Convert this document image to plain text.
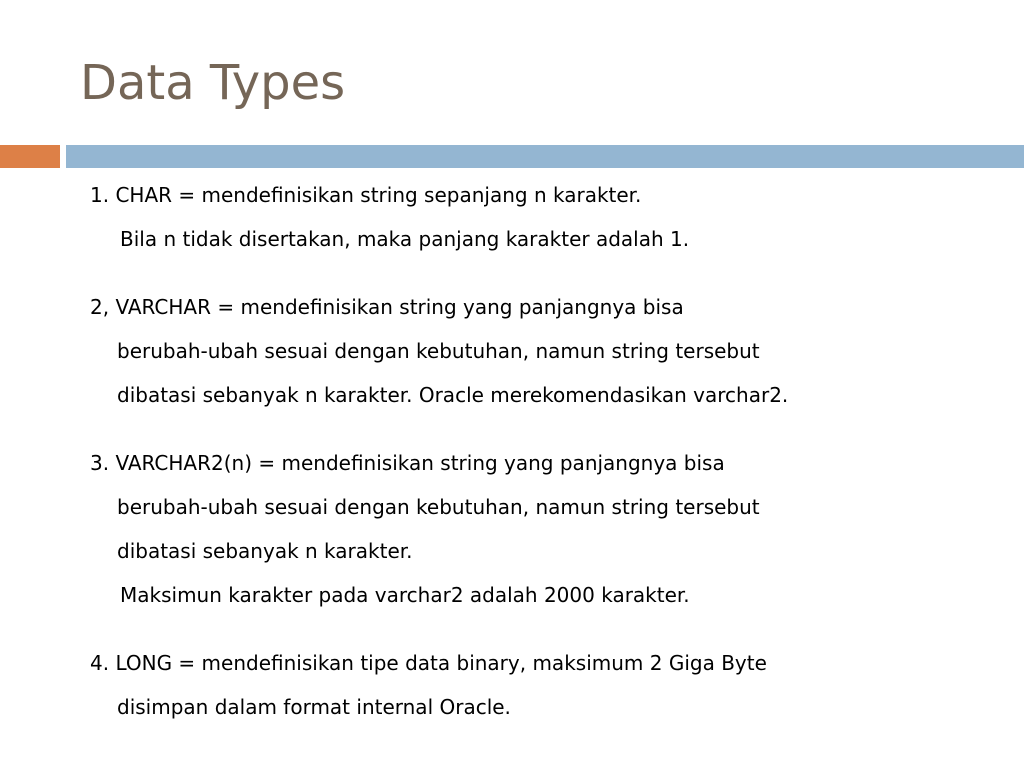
Data Types
1. CHAR = mendefinisikan string sepanjang n karakter.
Bila n tidak disertakan, maka panjang karakter adalah 1.
2, VARCHAR = mendefinisikan string yang panjangnya bisa
berubah-ubah sesuai dengan kebutuhan, namun string tersebut
dibatasi sebanyak n karakter. Oracle merekomendasikan varchar2.
3. VARCHAR2(n) = mendefinisikan string yang panjangnya bisa
berubah-ubah sesuai dengan kebutuhan, namun string tersebut
dibatasi sebanyak n karakter.
Maksimun karakter pada varchar2 adalah 2000 karakter.
4. LONG = mendefinisikan tipe data binary, maksimum 2 Giga Byte
disimpan dalam format internal Oracle.
